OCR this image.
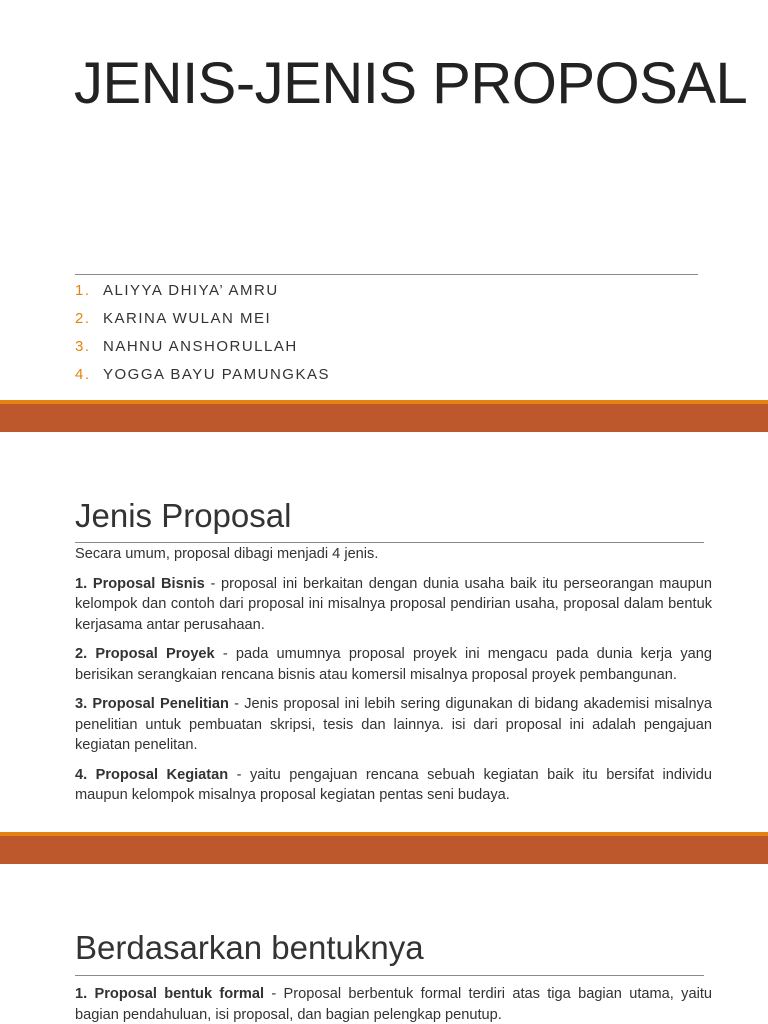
JENIS-JENIS PROPOSAL
1. ALIYYA DHIYA’ AMRU
2. KARINA WULAN MEI
3. NAHNU ANSHORULLAH
4. YOGGA BAYU PAMUNGKAS
Jenis Proposal

Secara umum, proposal dibagi menjadi 4 jenis.

1. Proposal Bisnis - proposal ini berkaitan dengan dunia usaha baik itu perseorangan maupun kelompok dan contoh dari proposal ini misalnya proposal pendirian usaha, proposal dalam bentuk kerjasama antar perusahaan.

2. Proposal Proyek - pada umumnya proposal proyek ini mengacu pada dunia kerja yang berisikan serangkaian rencana bisnis atau komersil misalnya proposal proyek pembangunan.

3. Proposal Penelitian - Jenis proposal ini lebih sering digunakan di bidang akademisi misalnya penelitian untuk pembuatan skripsi, tesis dan lainnya. isi dari proposal ini adalah pengajuan kegiatan penelitan.

4. Proposal Kegiatan - yaitu pengajuan rencana sebuah kegiatan baik itu bersifat individu maupun kelompok misalnya proposal kegiatan pentas seni budaya.

Berdasarkan bentuknya

1. Proposal bentuk formal - Proposal berbentuk formal terdiri atas tiga bagian utama, yaitu bagian pendahuluan, isi proposal, dan bagian pelengkap penutup.
